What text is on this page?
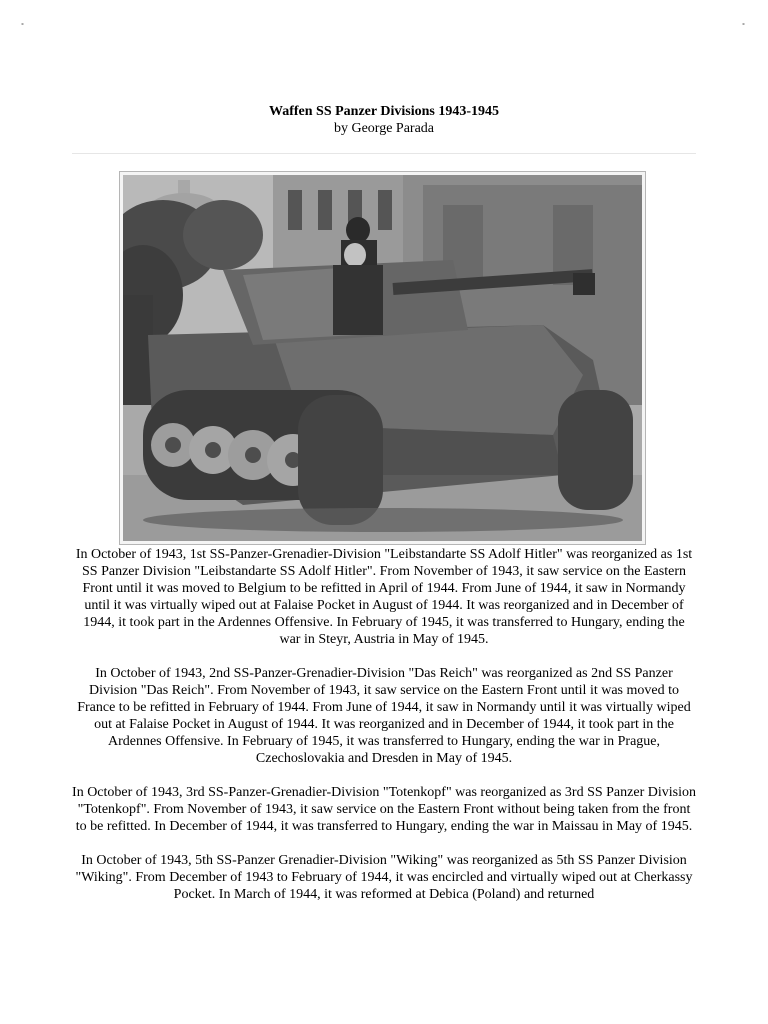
˳	˳

Waffen SS Panzer Divisions 1943-1945

by George Parada

In October of 1943, 1st SS-Panzer-Grenadier-Division "Leibstandarte SS Adolf Hitler" was reorganized as 1st SS Panzer Division "Leibstandarte SS Adolf Hitler". From November of 1943, it saw service on the Eastern Front until it was moved to Belgium to be refitted in April of 1944. From June of 1944, it saw in Normandy until it was virtually wiped out at Falaise Pocket in August of 1944. It was reorganized and in December of 1944, it took part in the Ardennes Offensive. In February of 1945, it was transferred to Hungary, ending the war in Steyr, Austria in May of 1945.

In October of 1943, 2nd SS-Panzer-Grenadier-Division "Das Reich" was reorganized as 2nd SS Panzer Division "Das Reich". From November of 1943, it saw service on the Eastern Front until it was moved to France to be refitted in February of 1944. From June of 1944, it saw in Normandy until it was virtually wiped out at Falaise Pocket in August of 1944. It was reorganized and in December of 1944, it took part in the Ardennes Offensive. In February of 1945, it was transferred to Hungary, ending the war in Prague, Czechoslovakia and Dresden in May of 1945.

In October of 1943, 3rd SS-Panzer-Grenadier-Division "Totenkopf" was reorganized as 3rd SS Panzer Division "Totenkopf". From November of 1943, it saw service on the Eastern Front without being taken from the front to be refitted. In December of 1944, it was transferred to Hungary, ending the war in Maissau in May of 1945.

In October of 1943, 5th SS-Panzer Grenadier-Division "Wiking" was reorganized as 5th SS Panzer Division "Wiking". From December of 1943 to February of 1944, it was encircled and virtually wiped out at Cherkassy Pocket. In March of 1944, it was reformed at Debica (Poland) and returned
